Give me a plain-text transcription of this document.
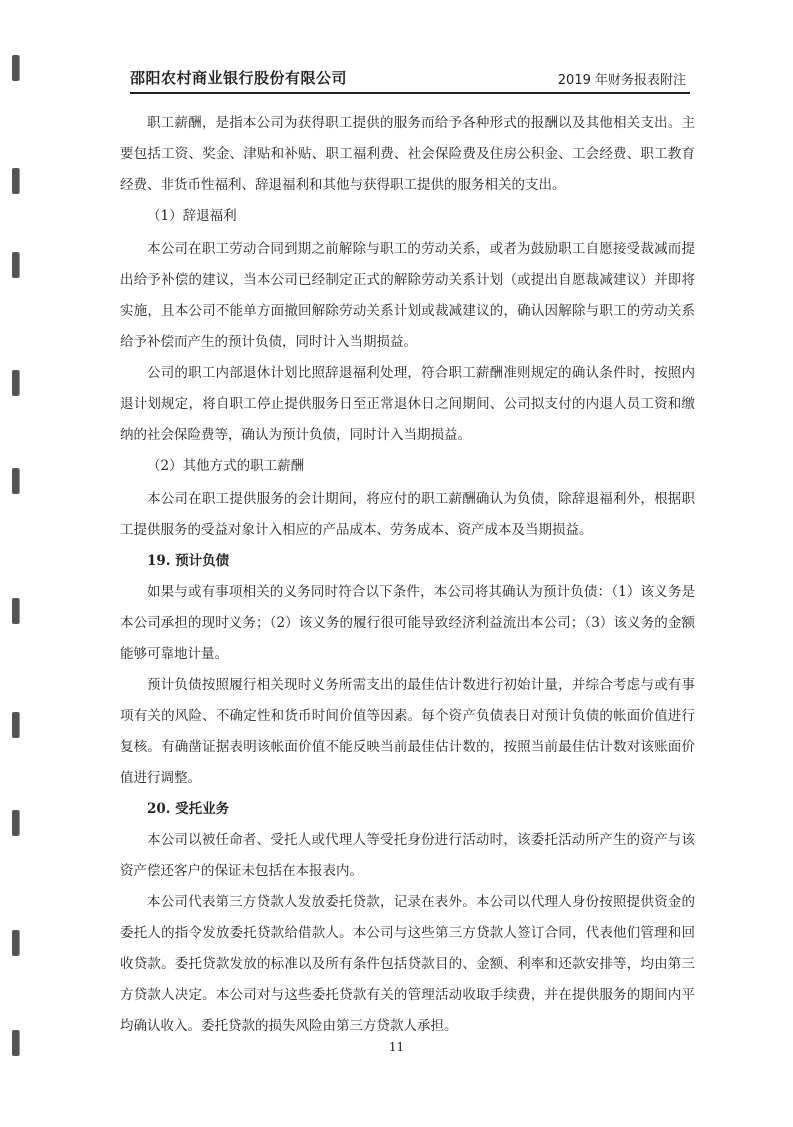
邵阳农村商业银行股份有限公司	2019 年财务报表附注

职工薪酬，是指本公司为获得职工提供的服务而给予各种形式的报酬以及其他相关支出。主要包括工资、奖金、津贴和补贴、职工福利费、社会保险费及住房公积金、工会经费、职工教育经费、非货币性福利、辞退福利和其他与获得职工提供的服务相关的支出。

（1）辞退福利

本公司在职工劳动合同到期之前解除与职工的劳动关系，或者为鼓励职工自愿接受裁减而提出给予补偿的建议，当本公司已经制定正式的解除劳动关系计划（或提出自愿裁减建议）并即将实施，且本公司不能单方面撤回解除劳动关系计划或裁减建议的，确认因解除与职工的劳动关系给予补偿而产生的预计负债，同时计入当期损益。

公司的职工内部退休计划比照辞退福利处理，符合职工薪酬准则规定的确认条件时，按照内退计划规定，将自职工停止提供服务日至正常退休日之间期间、公司拟支付的内退人员工资和缴纳的社会保险费等，确认为预计负债，同时计入当期损益。

（2）其他方式的职工薪酬

本公司在职工提供服务的会计期间，将应付的职工薪酬确认为负债，除辞退福利外，根据职工提供服务的受益对象计入相应的产品成本、劳务成本、资产成本及当期损益。

19. 预计负债

如果与或有事项相关的义务同时符合以下条件，本公司将其确认为预计负债：（1）该义务是本公司承担的现时义务；（2）该义务的履行很可能导致经济利益流出本公司；（3）该义务的金额能够可靠地计量。

预计负债按照履行相关现时义务所需支出的最佳估计数进行初始计量，并综合考虑与或有事项有关的风险、不确定性和货币时间价值等因素。每个资产负债表日对预计负债的帐面价值进行复核。有确凿证据表明该帐面价值不能反映当前最佳估计数的，按照当前最佳估计数对该账面价值进行调整。

20. 受托业务

本公司以被任命者、受托人或代理人等受托身份进行活动时，该委托活动所产生的资产与该资产偿还客户的保证未包括在本报表内。

本公司代表第三方贷款人发放委托贷款，记录在表外。本公司以代理人身份按照提供资金的委托人的指令发放委托贷款给借款人。本公司与这些第三方贷款人签订合同，代表他们管理和回收贷款。委托贷款发放的标准以及所有条件包括贷款目的、金额、利率和还款安排等，均由第三方贷款人决定。本公司对与这些委托贷款有关的管理活动收取手续费，并在提供服务的期间内平均确认收入。委托贷款的损失风险由第三方贷款人承担。

11
